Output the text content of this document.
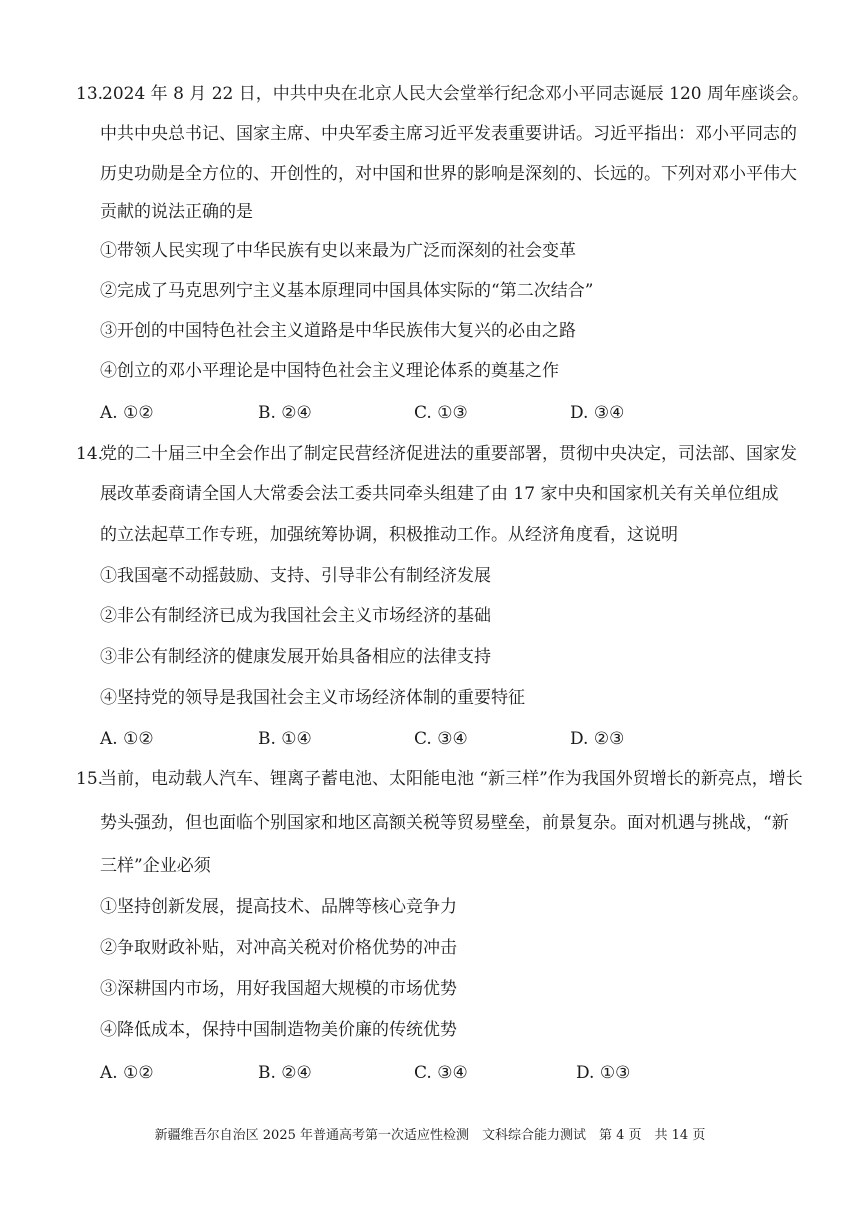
13.
2024 年 8 月 22 日，中共中央在北京人民大会堂举行纪念邓小平同志诞辰 120 周年座谈会。
中共中央总书记、国家主席、中央军委主席习近平发表重要讲话。习近平指出：邓小平同志的
历史功勋是全方位的、开创性的，对中国和世界的影响是深刻的、长远的。下列对邓小平伟大
贡献的说法正确的是
①带领人民实现了中华民族有史以来最为广泛而深刻的社会变革
②完成了马克思列宁主义基本原理同中国具体实际的“第二次结合”
③开创的中国特色社会主义道路是中华民族伟大复兴的必由之路
④创立的邓小平理论是中国特色社会主义理论体系的奠基之作
A. ①②	B. ②④	C. ①③	D. ③④
14.
党的二十届三中全会作出了制定民营经济促进法的重要部署，贯彻中央决定，司法部、国家发
展改革委商请全国人大常委会法工委共同牵头组建了由 17 家中央和国家机关有关单位组成
的立法起草工作专班，加强统筹协调，积极推动工作。从经济角度看，这说明
①我国毫不动摇鼓励、支持、引导非公有制经济发展
②非公有制经济已成为我国社会主义市场经济的基础
③非公有制经济的健康发展开始具备相应的法律支持
④坚持党的领导是我国社会主义市场经济体制的重要特征
A. ①②	B. ①④	C. ③④	D. ②③
15.
当前，电动载人汽车、锂离子蓄电池、太阳能电池 “新三样”作为我国外贸增长的新亮点，增长
势头强劲，但也面临个别国家和地区高额关税等贸易壁垒，前景复杂。面对机遇与挑战，“新
三样”企业必须
①坚持创新发展，提高技术、品牌等核心竞争力
②争取财政补贴，对冲高关税对价格优势的冲击
③深耕国内市场，用好我国超大规模的市场优势
④降低成本，保持中国制造物美价廉的传统优势
A. ①②	B. ②④	C. ③④	D. ①③
新疆维吾尔自治区 2025 年普通高考第一次适应性检测　文科综合能力测试　第 4 页　共 14 页
